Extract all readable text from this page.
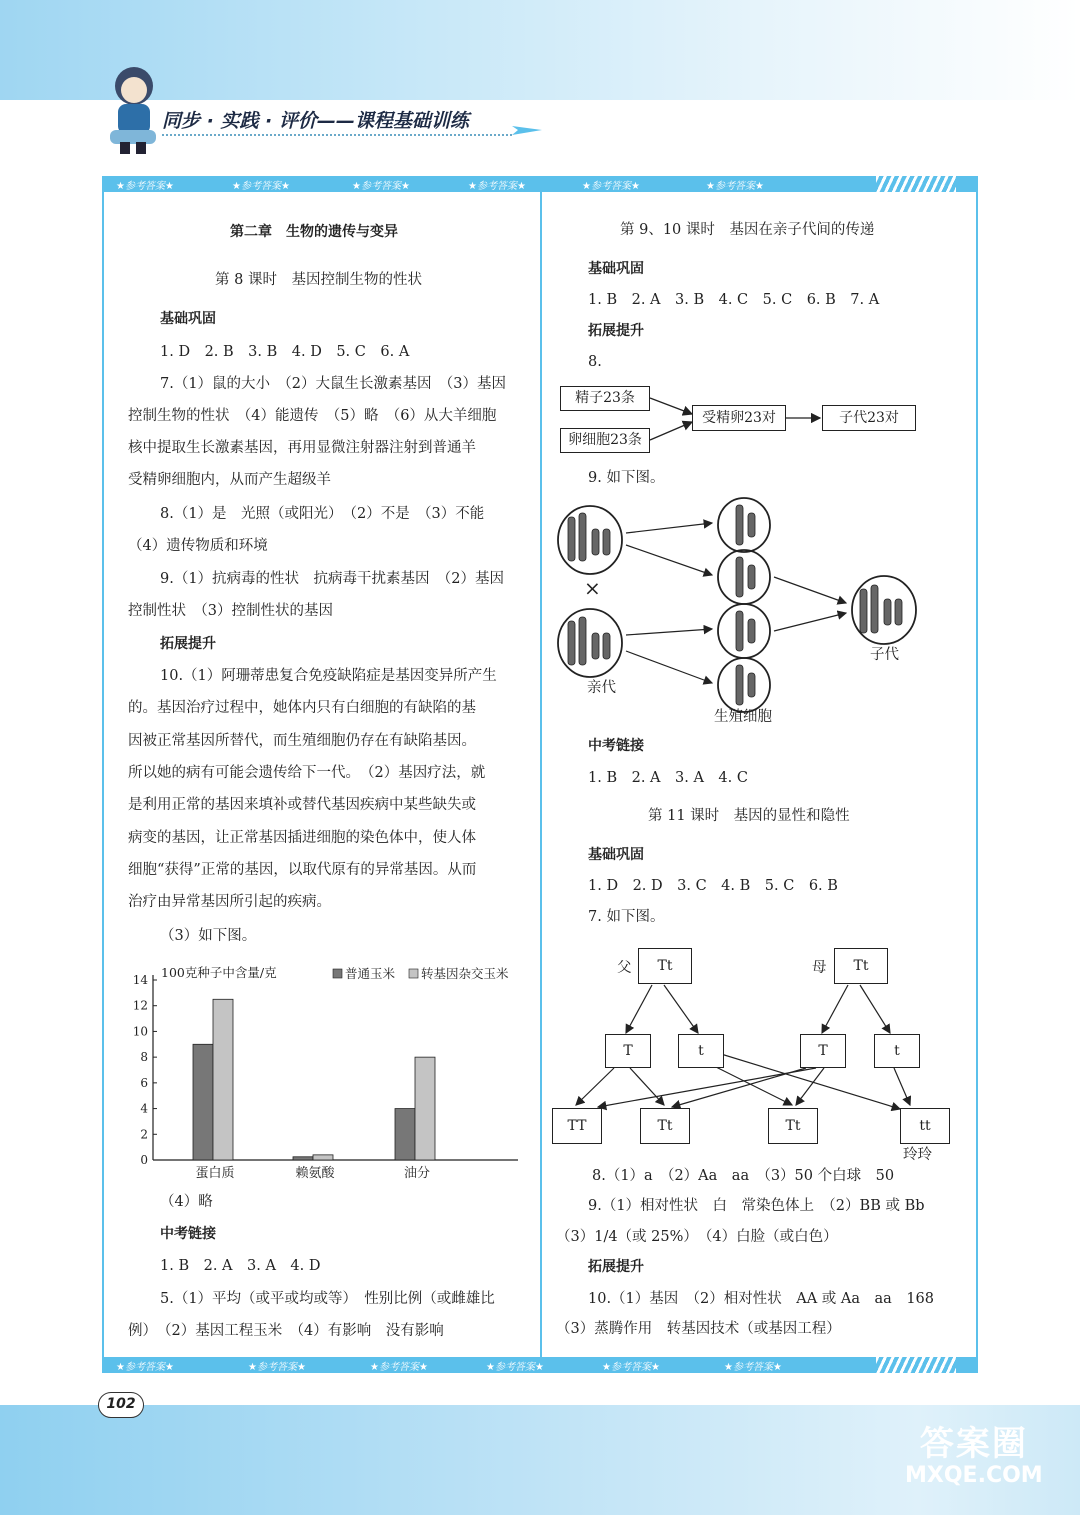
同步 · 实践 · 评价——课程基础训练
★参考答案★	★参考答案★	★参考答案★	★参考答案★	★参考答案★	★参考答案★
★参考答案★	★参考答案★	★参考答案★	★参考答案★	★参考答案★	★参考答案★
第二章　生物的遗传与变异
第 8 课时　基因控制生物的性状
基础巩固
1. D　2. B　3. B　4. D　5. C　6. A
7.（1）鼠的大小　（2）大鼠生长激素基因　（3）基因
控制生物的性状　（4）能遗传　（5）略　（6）从大羊细胞
核中提取生长激素基因，再用显微注射器注射到普通羊
受精卵细胞内，从而产生超级羊
8.（1）是　光照（或阳光）　（2）不是　（3）不能
（4）遗传物质和环境
9.（1）抗病毒的性状　抗病毒干扰素基因　（2）基因
控制性状　（3）控制性状的基因
拓展提升
10.（1）阿珊蒂患复合免疫缺陷症是基因变异所产生
的。基因治疗过程中，她体内只有白细胞的有缺陷的基
因被正常基因所替代，而生殖细胞仍存在有缺陷基因。
所以她的病有可能会遗传给下一代。　（2）基因疗法，就
是利用正常的基因来填补或替代基因疾病中某些缺失或
病变的基因，让正常基因插进细胞的染色体中，使人体
细胞“获得”正常的基因，以取代原有的异常基因。从而
治疗由异常基因所引起的疾病。
（3）如下图。
0
2
4
6
8
10
12
14 100克种子中含量/克
蛋白质	赖氨酸	油分
普通玉米 转基因杂交玉米
（4）略
中考链接
1. B　2. A　3. A　4. D
5.（1）平均（或平或均或等）　性别比例（或雌雄比
例）　（2）基因工程玉米　（4）有影响　没有影响
第 9、10 课时　基因在亲子代间的传递
基础巩固
1. B　2. A　3. B　4. C　5. C　6. B　7. A
拓展提升
8.
精子23条
卵细胞23条
受精卵23对	子代23对
9. 如下图。
×
亲代
子代
生殖细胞
中考链接
1. B　2. A　3. A　4. C
第 11 课时　基因的显性和隐性
基础巩固
1. D　2. D　3. C　4. B　5. C　6. B
7. 如下图。
父	Tt	母	Tt
T	t	T	t
TT	Tt	Tt	tt
玲玲
8.（1）a　（2）Aa　aa　（3）50 个白球　50
9.（1）相对性状　白　常染色体上　（2）BB 或 Bb
（3）1/4（或 25%）　（4）白脸（或白色）
拓展提升
10.（1）基因　（2）相对性状　AA 或 Aa　aa　168
（3）蒸腾作用　转基因技术（或基因工程）
102
答案圈
MXQE.COM
